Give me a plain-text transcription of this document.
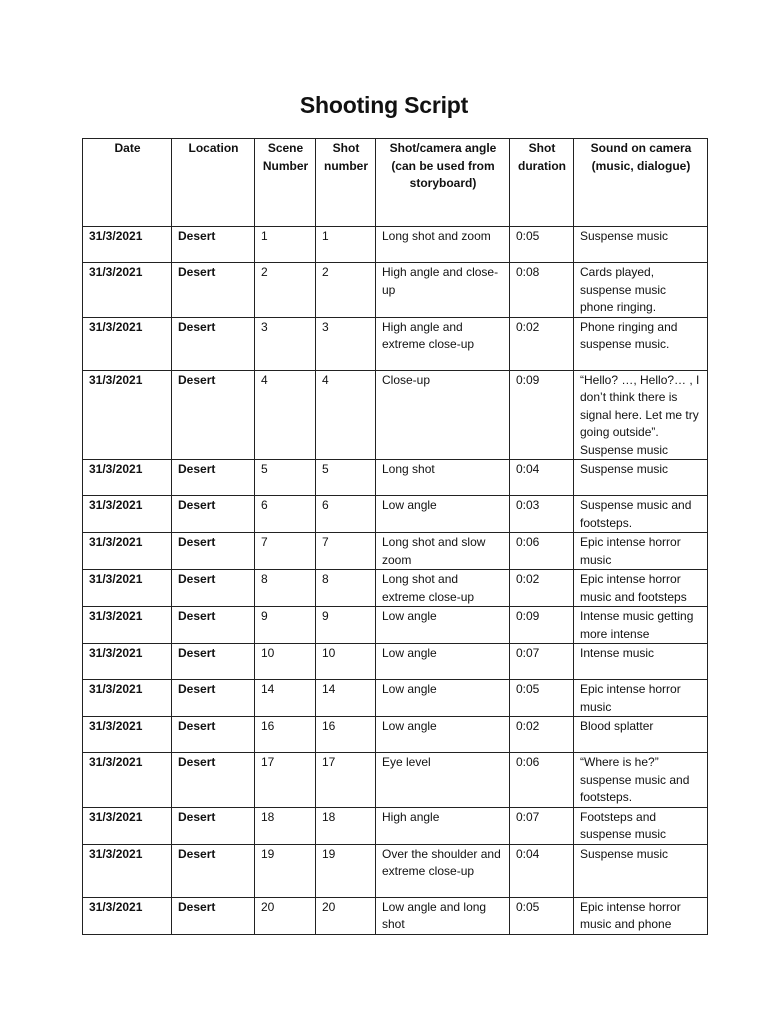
Shooting Script
Date	Location	Scene Number	Shot number	Shot/camera angle (can be used from storyboard)	Shot duration	Sound on camera (music, dialogue)
31/3/2021	Desert	1	1	Long shot and zoom	0:05	Suspense music
31/3/2021	Desert	2	2	High angle and close-up	0:08	Cards played, suspense music phone ringing.
31/3/2021	Desert	3	3	High angle and extreme close-up	0:02	Phone ringing and suspense music.
31/3/2021	Desert	4	4	Close-up	0:09	“Hello? …, Hello?… , I don’t think there is signal here. Let me try going outside”. Suspense music
31/3/2021	Desert	5	5	Long shot	0:04	Suspense music
31/3/2021	Desert	6	6	Low angle	0:03	Suspense music and footsteps.
31/3/2021	Desert	7	7	Long shot and slow zoom	0:06	Epic intense horror music
31/3/2021	Desert	8	8	Long shot and extreme close-up	0:02	Epic intense horror music and footsteps
31/3/2021	Desert	9	9	Low angle	0:09	Intense music getting more intense
31/3/2021	Desert	10	10	Low angle	0:07	Intense music
31/3/2021	Desert	14	14	Low angle	0:05	Epic intense horror music
31/3/2021	Desert	16	16	Low angle	0:02	Blood splatter
31/3/2021	Desert	17	17	Eye level	0:06	“Where is he?” suspense music and footsteps.
31/3/2021	Desert	18	18	High angle	0:07	Footsteps and suspense music
31/3/2021	Desert	19	19	Over the shoulder and extreme close-up	0:04	Suspense music
31/3/2021	Desert	20	20	Low angle and long shot	0:05	Epic intense horror music and phone
